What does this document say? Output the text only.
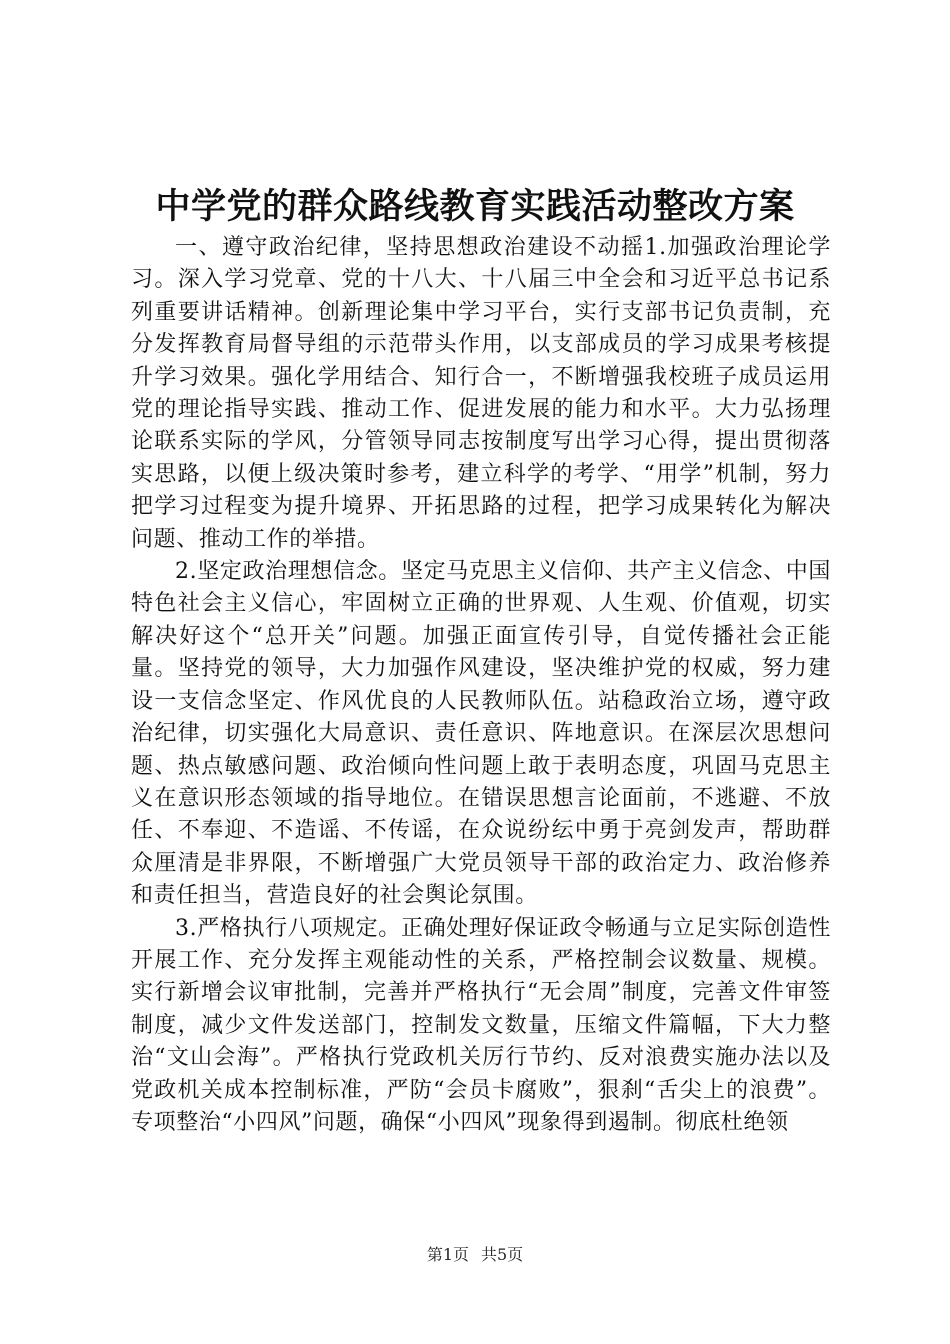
中学党的群众路线教育实践活动整改方案

一、遵守政治纪律，坚持思想政治建设不动摇1.加强政治理论学习。深入学习党章、党的十八大、十八届三中全会和习近平总书记系列重要讲话精神。创新理论集中学习平台，实行支部书记负责制，充分发挥教育局督导组的示范带头作用，以支部成员的学习成果考核提升学习效果。强化学用结合、知行合一，不断增强我校班子成员运用党的理论指导实践、推动工作、促进发展的能力和水平。大力弘扬理论联系实际的学风，分管领导同志按制度写出学习心得，提出贯彻落实思路，以便上级决策时参考，建立科学的考学、“用学”机制，努力把学习过程变为提升境界、开拓思路的过程，把学习成果转化为解决问题、推动工作的举措。

2.坚定政治理想信念。坚定马克思主义信仰、共产主义信念、中国特色社会主义信心，牢固树立正确的世界观、人生观、价值观，切实解决好这个“总开关”问题。加强正面宣传引导，自觉传播社会正能量。坚持党的领导，大力加强作风建设，坚决维护党的权威，努力建设一支信念坚定、作风优良的人民教师队伍。站稳政治立场，遵守政治纪律，切实强化大局意识、责任意识、阵地意识。在深层次思想问题、热点敏感问题、政治倾向性问题上敢于表明态度，巩固马克思主义在意识形态领域的指导地位。在错误思想言论面前，不逃避、不放任、不奉迎、不造谣、不传谣，在众说纷纭中勇于亮剑发声，帮助群众厘清是非界限，不断增强广大党员领导干部的政治定力、政治修养和责任担当，营造良好的社会舆论氛围。

3.严格执行八项规定。正确处理好保证政令畅通与立足实际创造性开展工作、充分发挥主观能动性的关系，严格控制会议数量、规模。实行新增会议审批制，完善并严格执行“无会周”制度，完善文件审签制度，减少文件发送部门，控制发文数量，压缩文件篇幅，下大力整治“文山会海”。严格执行党政机关厉行节约、反对浪费实施办法以及党政机关成本控制标准，严防“会员卡腐败”，狠刹“舌尖上的浪费”。专项整治“小四风”问题，确保“小四风”现象得到遏制。彻底杜绝领

第1页 共5页
